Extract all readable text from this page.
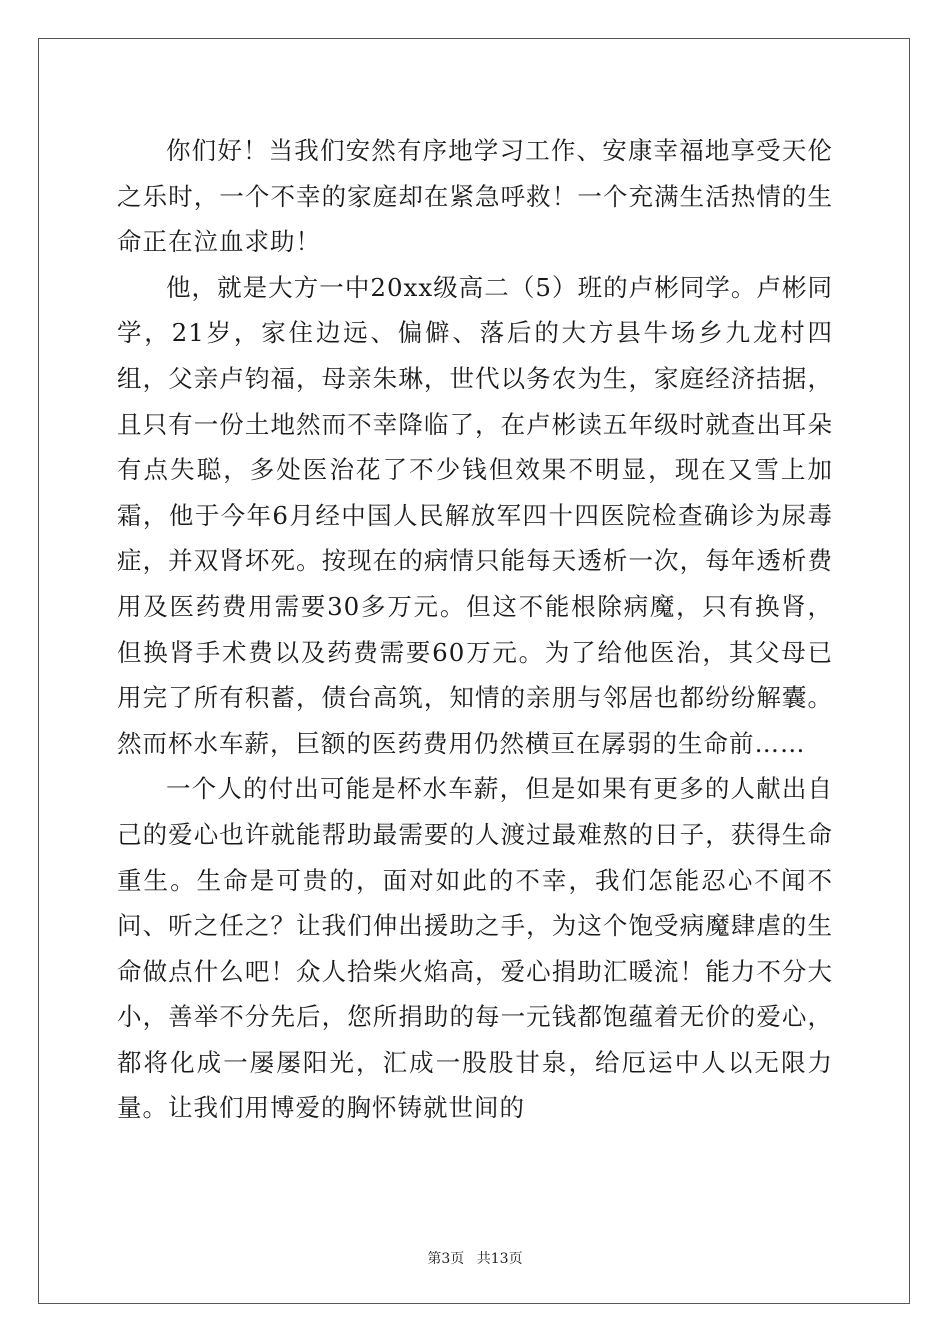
你们好！当我们安然有序地学习工作、安康幸福地享受天伦之乐时，一个不幸的家庭却在紧急呼救！一个充满生活热情的生命正在泣血求助！

他，就是大方一中20xx级高二（5）班的卢彬同学。卢彬同学，21岁，家住边远、偏僻、落后的大方县牛场乡九龙村四组，父亲卢钧福，母亲朱琳，世代以务农为生，家庭经济拮据，且只有一份土地然而不幸降临了，在卢彬读五年级时就查出耳朵有点失聪，多处医治花了不少钱但效果不明显，现在又雪上加霜，他于今年6月经中国人民解放军四十四医院检查确诊为尿毒症，并双肾坏死。按现在的病情只能每天透析一次，每年透析费用及医药费用需要30多万元。但这不能根除病魔，只有换肾，但换肾手术费以及药费需要60万元。为了给他医治，其父母已用完了所有积蓄，债台高筑，知情的亲朋与邻居也都纷纷解囊。然而杯水车薪，巨额的医药费用仍然横亘在孱弱的生命前……

一个人的付出可能是杯水车薪，但是如果有更多的人献出自己的爱心也许就能帮助最需要的人渡过最难熬的日子，获得生命重生。生命是可贵的，面对如此的不幸，我们怎能忍心不闻不问、听之任之？让我们伸出援助之手，为这个饱受病魔肆虐的生命做点什么吧！众人拾柴火焰高，爱心捐助汇暖流！能力不分大小，善举不分先后，您所捐助的每一元钱都饱蕴着无价的爱心，都将化成一屡屡阳光，汇成一股股甘泉，给厄运中人以无限力量。让我们用博爱的胸怀铸就世间的

第3页 共13页
